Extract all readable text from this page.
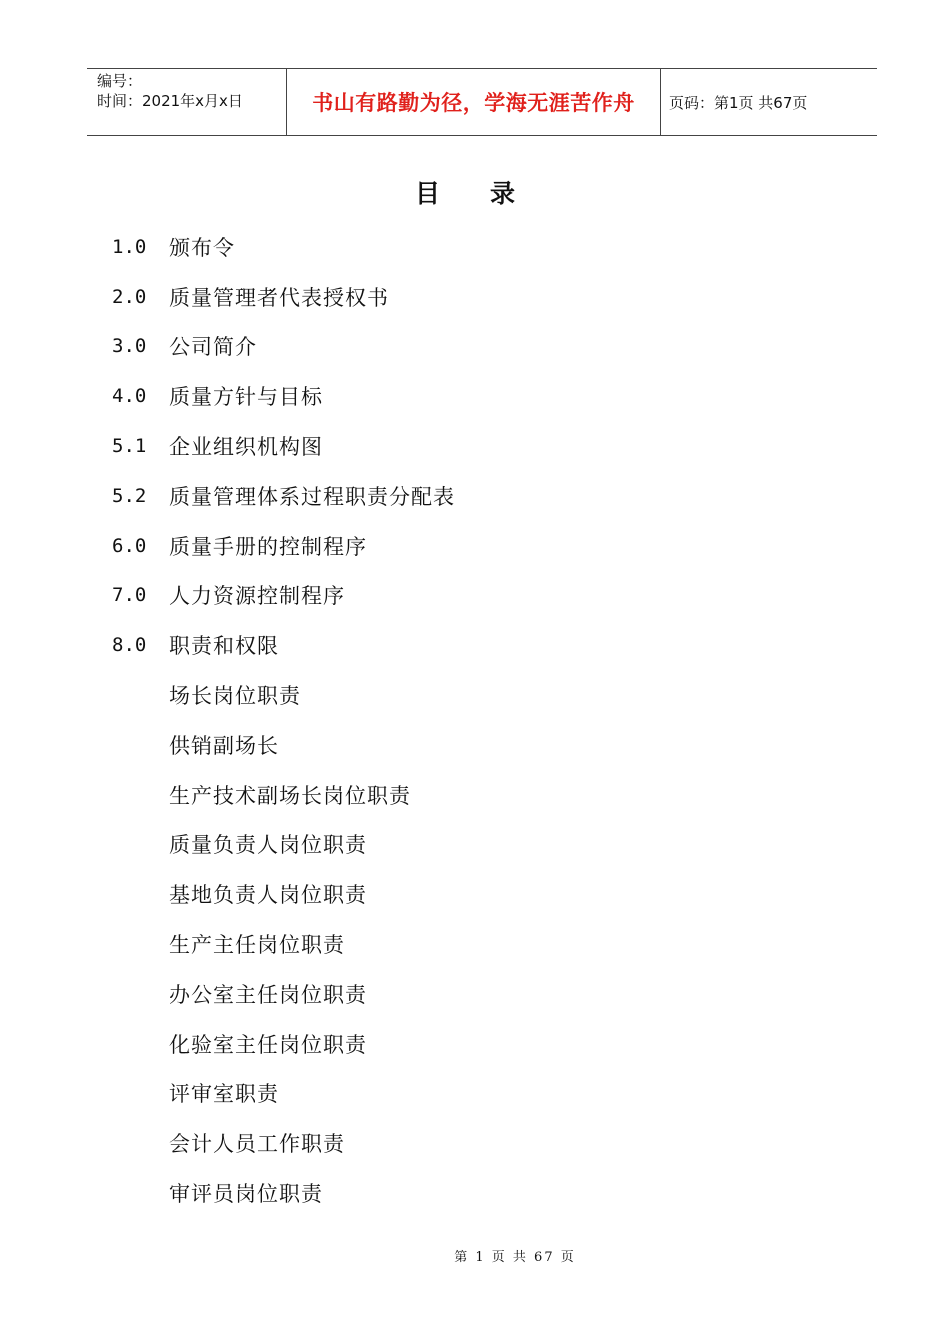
编号：
时间：2021年x月x日	书山有路勤为径，学海无涯苦作舟 页码：第1页 共67页
目录
1.0	颁布令
2.0	质量管理者代表授权书
3.0	公司简介
4.0	质量方针与目标
5.1	企业组织机构图
5.2	质量管理体系过程职责分配表
6.0	质量手册的控制程序
7.0	人力资源控制程序
8.0	职责和权限
场长岗位职责
供销副场长
生产技术副场长岗位职责
质量负责人岗位职责
基地负责人岗位职责
生产主任岗位职责
办公室主任岗位职责
化验室主任岗位职责
评审室职责
会计人员工作职责
审评员岗位职责
第 1 页 共 67 页
